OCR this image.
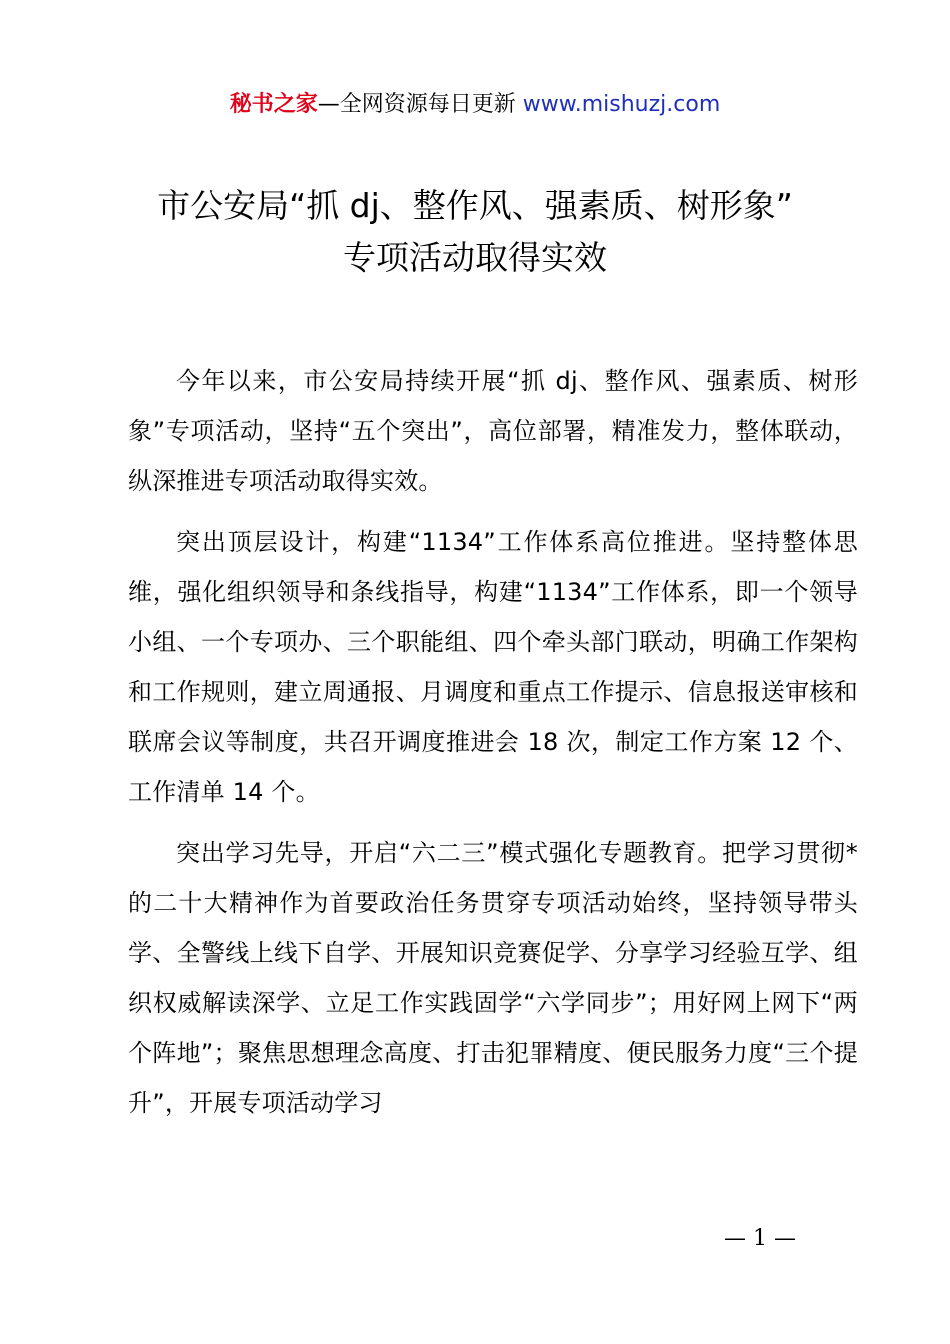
秘书之家—全网资源每日更新 www.mishuzj.com
市公安局“抓 dj、整作风、强素质、树形象”
专项活动取得实效

今年以来，市公安局持续开展“抓 dj、整作风、强素质、树形象”专项活动，坚持“五个突出”，高位部署，精准发力，整体联动，纵深推进专项活动取得实效。

突出顶层设计，构建“1134”工作体系高位推进。坚持整体思维，强化组织领导和条线指导，构建“1134”工作体系，即一个领导小组、一个专项办、三个职能组、四个牵头部门联动，明确工作架构和工作规则，建立周通报、月调度和重点工作提示、信息报送审核和联席会议等制度，共召开调度推进会 18 次，制定工作方案 12 个、工作清单 14 个。

突出学习先导，开启“六二三”模式强化专题教育。把学习贯彻*的二十大精神作为首要政治任务贯穿专项活动始终，坚持领导带头学、全警线上线下自学、开展知识竞赛促学、分享学习经验互学、组织权威解读深学、立足工作实践固学“六学同步”；用好网上网下“两个阵地”；聚焦思想理念高度、打击犯罪精度、便民服务力度“三个提升”，开展专项活动学习

— 1 —
